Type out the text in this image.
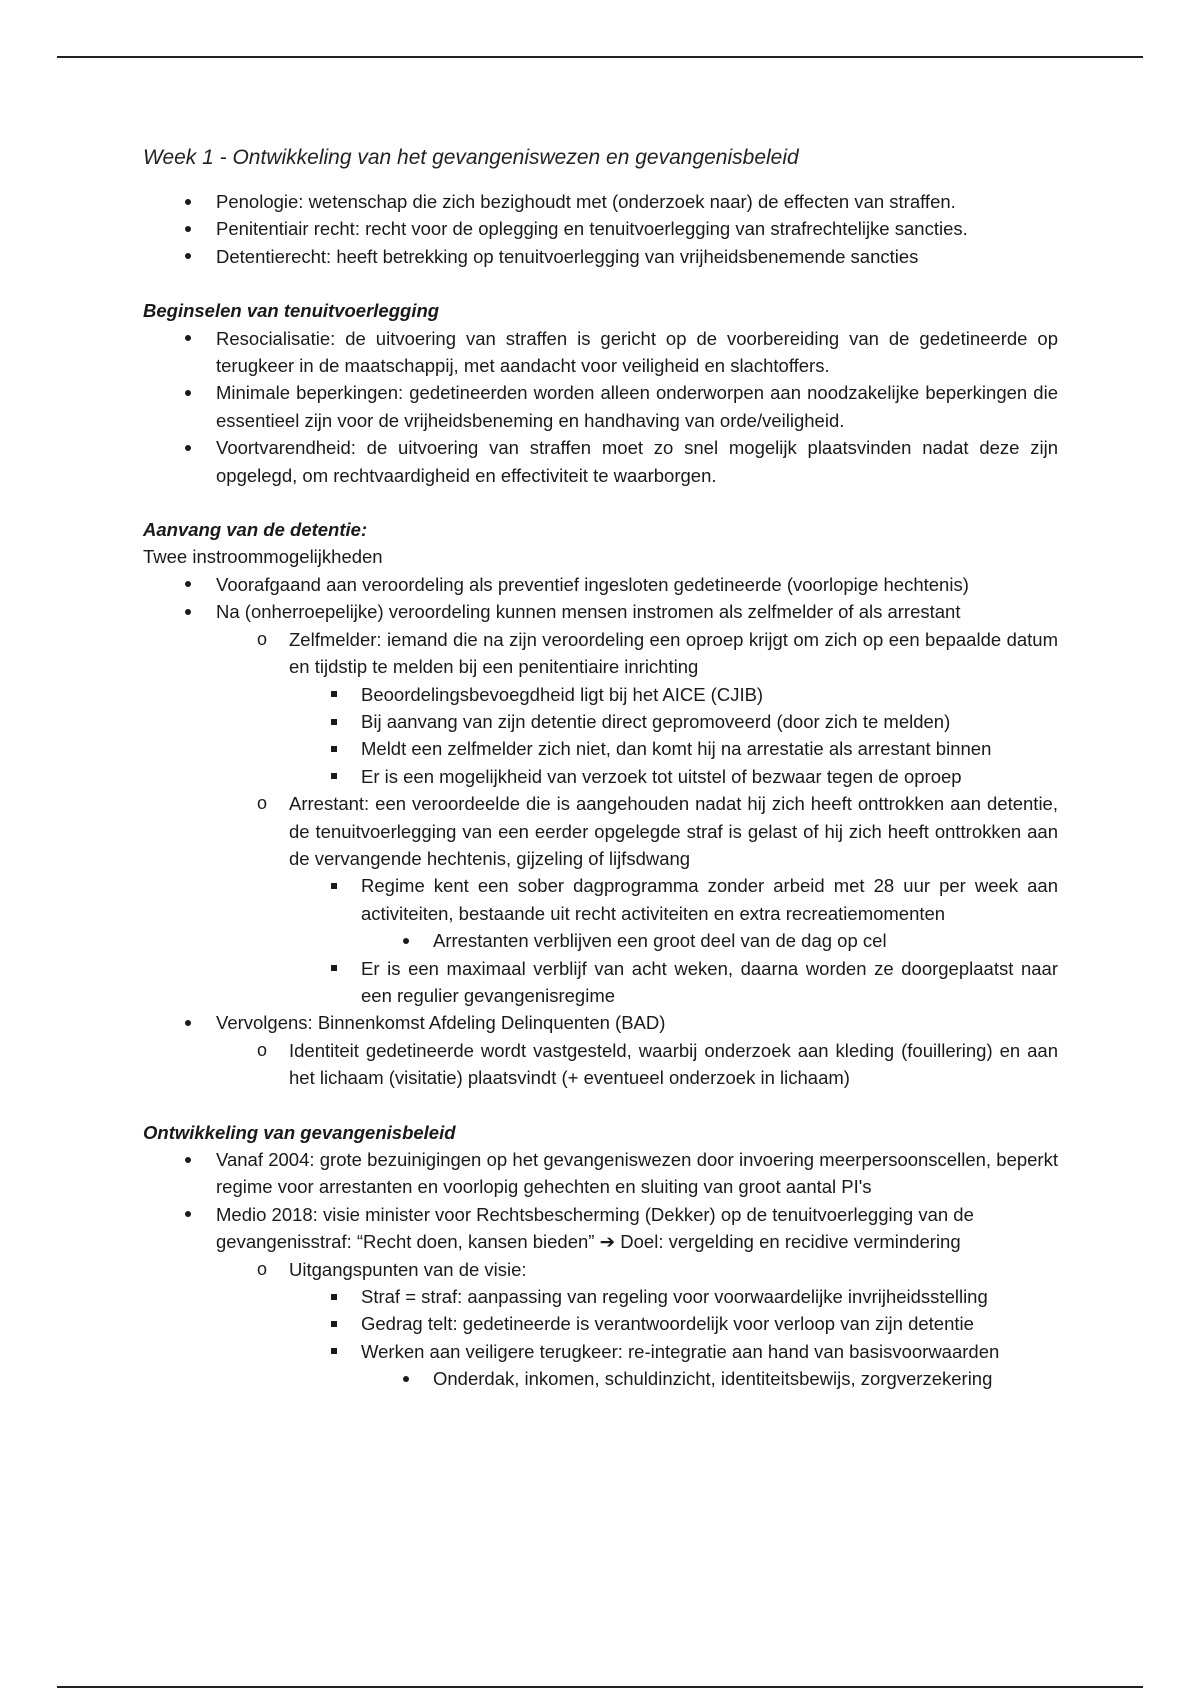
Week 1 - Ontwikkeling van het gevangeniswezen en gevangenisbeleid

Penologie: wetenschap die zich bezighoudt met (onderzoek naar) de effecten van straffen.
Penitentiair recht: recht voor de oplegging en tenuitvoerlegging van strafrechtelijke sancties.
Detentierecht: heeft betrekking op tenuitvoerlegging van vrijheidsbenemende sancties

Beginselen van tenuitvoerlegging

Resocialisatie: de uitvoering van straffen is gericht op de voorbereiding van de gedetineerde op terugkeer in de maatschappij, met aandacht voor veiligheid en slachtoffers.
Minimale beperkingen: gedetineerden worden alleen onderworpen aan noodzakelijke beperkingen die essentieel zijn voor de vrijheidsbeneming en handhaving van orde/veiligheid.
Voortvarendheid: de uitvoering van straffen moet zo snel mogelijk plaatsvinden nadat deze zijn opgelegd, om rechtvaardigheid en effectiviteit te waarborgen.

Aanvang van de detentie:

Twee instroommogelijkheden

Voorafgaand aan veroordeling als preventief ingesloten gedetineerde (voorlopige hechtenis)
Na (onherroepelijke) veroordeling kunnen mensen instromen als zelfmelder of als arrestant
o Zelfmelder: iemand die na zijn veroordeling een oproep krijgt om zich op een bepaalde datum en tijdstip te melden bij een penitentiaire inrichting
Beoordelingsbevoegdheid ligt bij het AICE (CJIB)
Bij aanvang van zijn detentie direct gepromoveerd (door zich te melden)
Meldt een zelfmelder zich niet, dan komt hij na arrestatie als arrestant binnen
Er is een mogelijkheid van verzoek tot uitstel of bezwaar tegen de oproep
o Arrestant: een veroordeelde die is aangehouden nadat hij zich heeft onttrokken aan detentie, de tenuitvoerlegging van een eerder opgelegde straf is gelast of hij zich heeft onttrokken aan de vervangende hechtenis, gijzeling of lijfsdwang
Regime kent een sober dagprogramma zonder arbeid met 28 uur per week aan activiteiten, bestaande uit recht activiteiten en extra recreatiemomenten
Arrestanten verblijven een groot deel van de dag op cel
Er is een maximaal verblijf van acht weken, daarna worden ze doorgeplaatst naar een regulier gevangenisregime
Vervolgens: Binnenkomst Afdeling Delinquenten (BAD)
o Identiteit gedetineerde wordt vastgesteld, waarbij onderzoek aan kleding (fouillering) en aan het lichaam (visitatie) plaatsvindt (+ eventueel onderzoek in lichaam)

Ontwikkeling van gevangenisbeleid

Vanaf 2004: grote bezuinigingen op het gevangeniswezen door invoering meerpersoonscellen, beperkt regime voor arrestanten en voorlopig gehechten en sluiting van groot aantal PI's
Medio 2018: visie minister voor Rechtsbescherming (Dekker) op de tenuitvoerlegging van de gevangenisstraf: “Recht doen, kansen bieden” ➔ Doel: vergelding en recidive vermindering
o Uitgangspunten van de visie:
Straf = straf: aanpassing van regeling voor voorwaardelijke invrijheidsstelling
Gedrag telt: gedetineerde is verantwoordelijk voor verloop van zijn detentie
Werken aan veiligere terugkeer: re-integratie aan hand van basisvoorwaarden
Onderdak, inkomen, schuldinzicht, identiteitsbewijs, zorgverzekering
